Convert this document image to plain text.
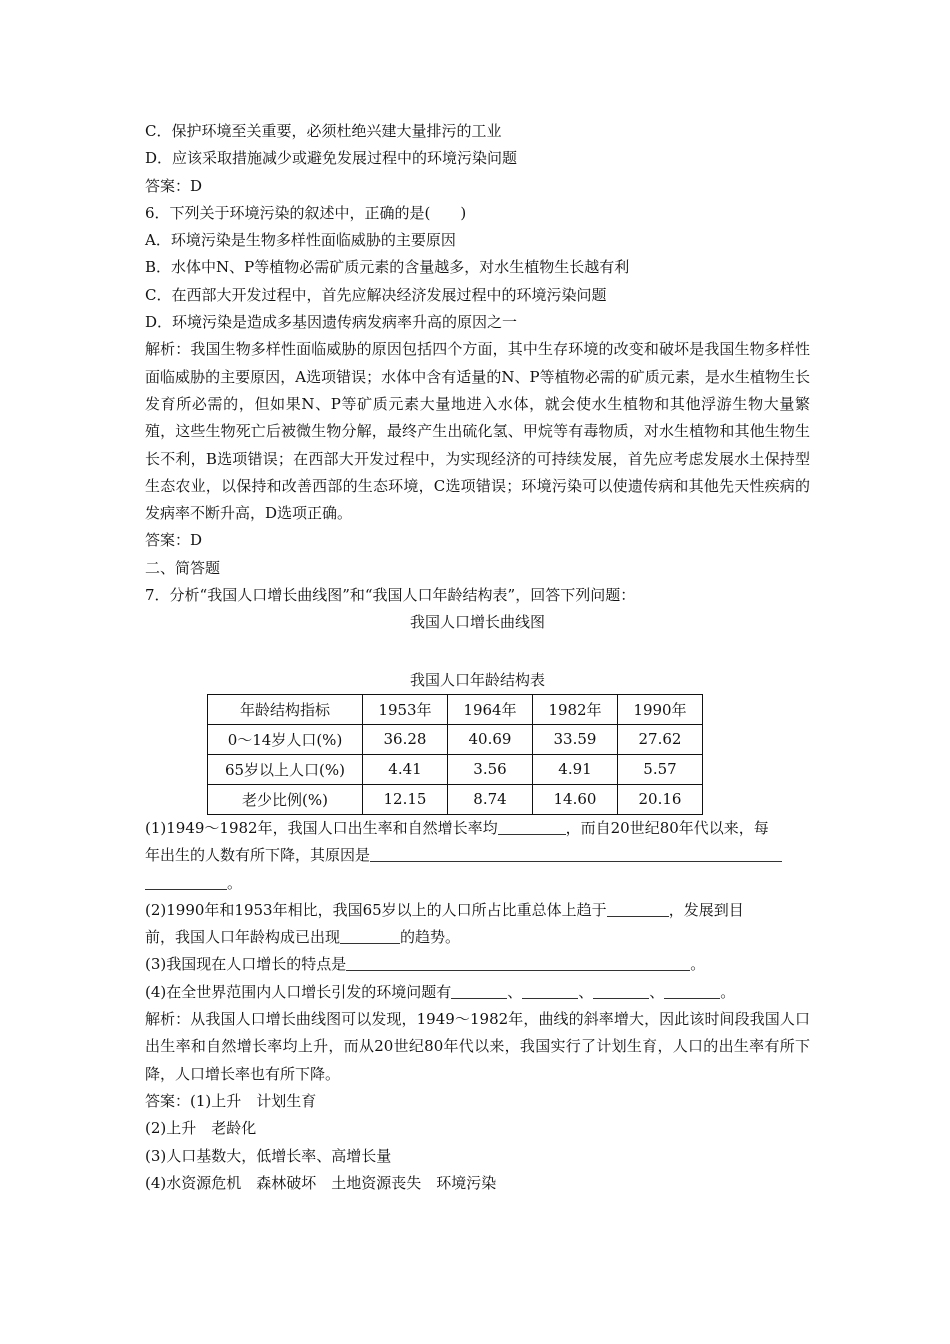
C．保护环境至关重要，必须杜绝兴建大量排污的工业
D．应该采取措施减少或避免发展过程中的环境污染问题
答案：D
6．下列关于环境污染的叙述中，正确的是(　　)
A．环境污染是生物多样性面临威胁的主要原因
B．水体中N、P等植物必需矿质元素的含量越多，对水生植物生长越有利
C．在西部大开发过程中，首先应解决经济发展过程中的环境污染问题
D．环境污染是造成多基因遗传病发病率升高的原因之一
解析：我国生物多样性面临威胁的原因包括四个方面，其中生存环境的改变和破坏是我国生物多样性面临威胁的主要原因，A选项错误；水体中含有适量的N、P等植物必需的矿质元素，是水生植物生长发育所必需的，但如果N、P等矿质元素大量地进入水体，就会使水生植物和其他浮游生物大量繁殖，这些生物死亡后被微生物分解，最终产生出硫化氢、甲烷等有毒物质，对水生植物和其他生物生长不利，B选项错误；在西部大开发过程中，为实现经济的可持续发展，首先应考虑发展水土保持型生态农业，以保持和改善西部的生态环境，C选项错误；环境污染可以使遗传病和其他先天性疾病的发病率不断升高，D选项正确。
答案：D
二、简答题
7．分析“我国人口增长曲线图”和“我国人口年龄结构表”，回答下列问题：
我国人口增长曲线图
我国人口年龄结构表
年龄结构指标	1953年	1964年	1982年	1990年
0～14岁人口(%)	36.28	40.69	33.59	27.62
65岁以上人口(%)	4.41	3.56	4.91	5.57
老少比例(%)	12.15	8.74	14.60	20.16
(1)1949～1982年，我国人口出生率和自然增长率均	，而自20世纪80年代以来，每
年出生的人数有所下降，其原因是
。
(2)1990年和1953年相比，我国65岁以上的人口所占比重总体上趋于	，发展到目
前，我国人口年龄构成已出现	的趋势。
(3)我国现在人口增长的特点是	。
(4)在全世界范围内人口增长引发的环境问题有	、	、	、	。
解析：从我国人口增长曲线图可以发现，1949～1982年，曲线的斜率增大，因此该时间段我国人口出生率和自然增长率均上升，而从20世纪80年代以来，我国实行了计划生育，人口的出生率有所下降，人口增长率也有所下降。
答案：(1)上升　计划生育
(2)上升　老龄化
(3)人口基数大，低增长率、高增长量
(4)水资源危机　森林破坏　土地资源丧失　环境污染
